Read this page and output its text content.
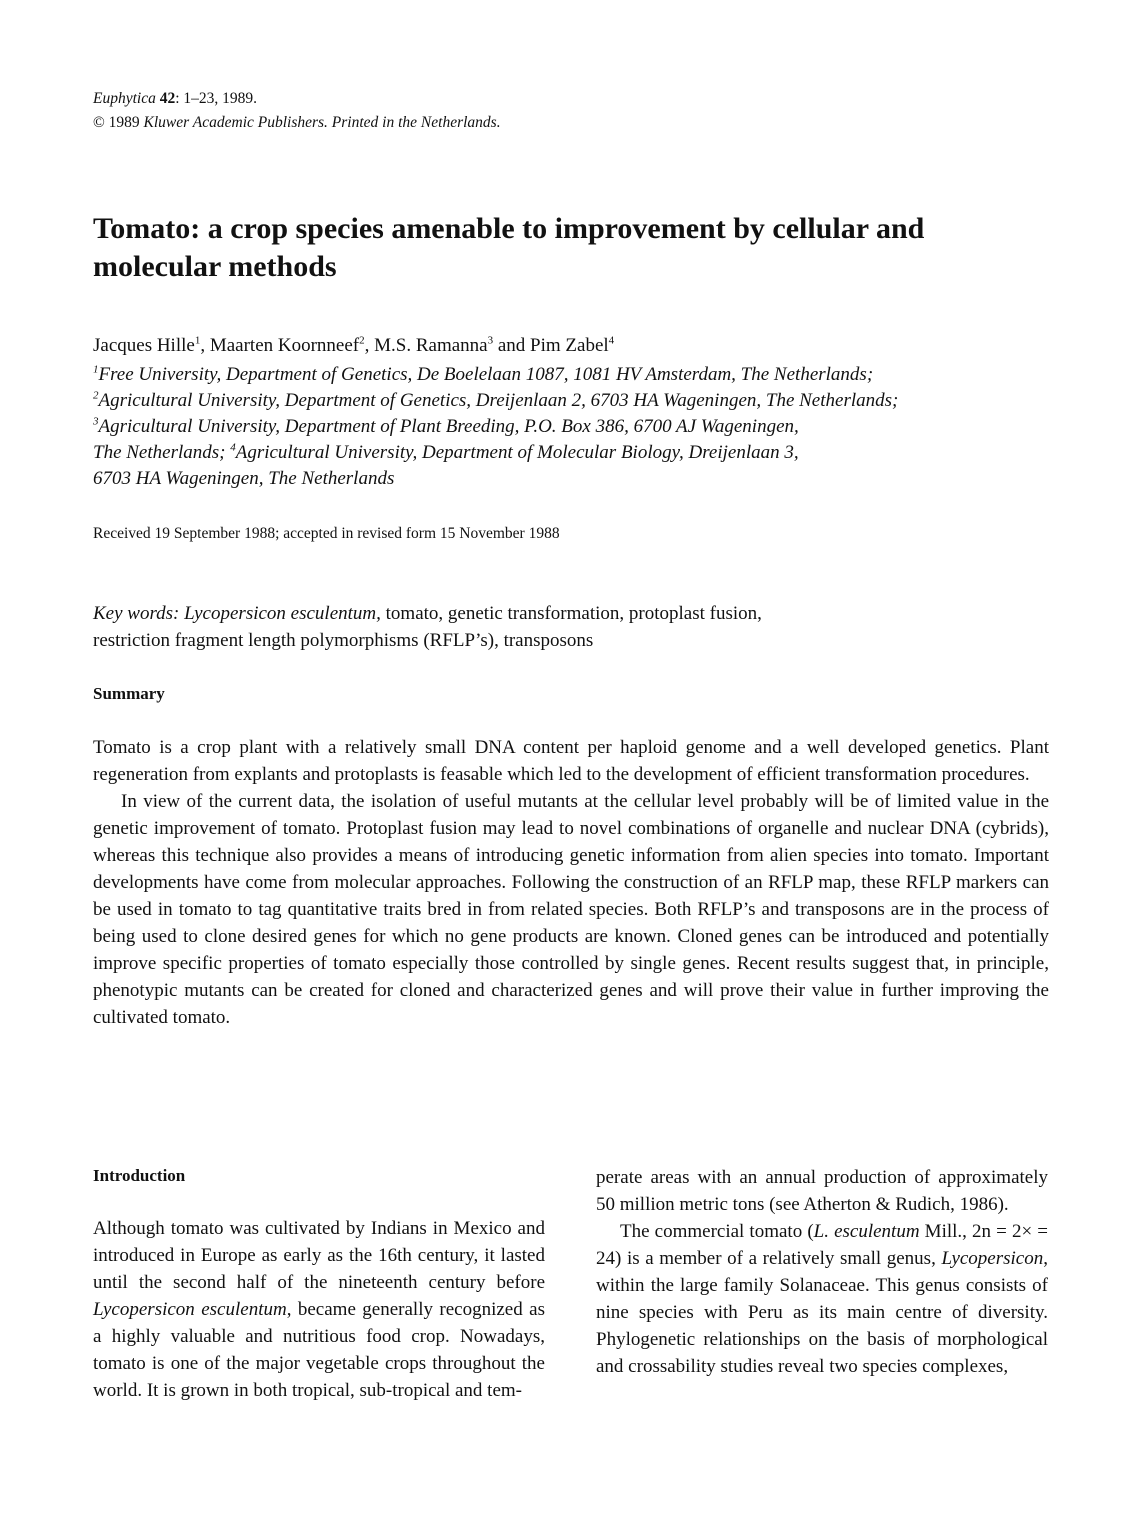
Euphytica 42: 1–23, 1989.
© 1989 Kluwer Academic Publishers. Printed in the Netherlands.
Tomato: a crop species amenable to improvement by cellular and molecular methods
Jacques Hille$^1$, Maarten Koornneef$^2$, M.S. Ramanna$^3$ and Pim Zabel$^4$
$^1$Free University, Department of Genetics, De Boelelaan 1087, 1081 HV Amsterdam, The Netherlands;
$^2$Agricultural University, Department of Genetics, Dreijenlaan 2, 6703 HA Wageningen, The Netherlands;
$^3$Agricultural University, Department of Plant Breeding, P.O. Box 386, 6700 AJ Wageningen,
The Netherlands; $^4$Agricultural University, Department of Molecular Biology, Dreijenlaan 3,
6703 HA Wageningen, The Netherlands
Received 19 September 1988; accepted in revised form 15 November 1988
Key words: Lycopersicon esculentum, tomato, genetic transformation, protoplast fusion,
restriction fragment length polymorphisms (RFLP’s), transposons
Summary

Tomato is a crop plant with a relatively small DNA content per haploid genome and a well developed genetics. Plant regeneration from explants and protoplasts is feasable which led to the development of efficient transformation procedures.

In view of the current data, the isolation of useful mutants at the cellular level probably will be of limited value in the genetic improvement of tomato. Protoplast fusion may lead to novel combinations of organelle and nuclear DNA (cybrids), whereas this technique also provides a means of introducing genetic information from alien species into tomato. Important developments have come from molecular approaches. Following the construction of an RFLP map, these RFLP markers can be used in tomato to tag quantitative traits bred in from related species. Both RFLP’s and transposons are in the process of being used to clone desired genes for which no gene products are known. Cloned genes can be introduced and potentially improve specific properties of tomato especially those controlled by single genes. Recent results suggest that, in principle, phenotypic mutants can be created for cloned and characterized genes and will prove their value in further improving the cultivated tomato.

Introduction

Although tomato was cultivated by Indians in Mexico and introduced in Europe as early as the 16th century, it lasted until the second half of the nineteenth century before Lycopersicon esculentum, became generally recognized as a highly valuable and nutritious food crop. Nowadays, tomato is one of the major vegetable crops throughout the world. It is grown in both tropical, sub-tropical and tem-

perate areas with an annual production of approximately 50 million metric tons (see Atherton & Rudich, 1986).

The commercial tomato (L. esculentum Mill., 2n = 2× = 24) is a member of a relatively small genus, Lycopersicon, within the large family Solanaceae. This genus consists of nine species with Peru as its main centre of diversity. Phylogenetic relationships on the basis of morphological and crossability studies reveal two species complexes,
